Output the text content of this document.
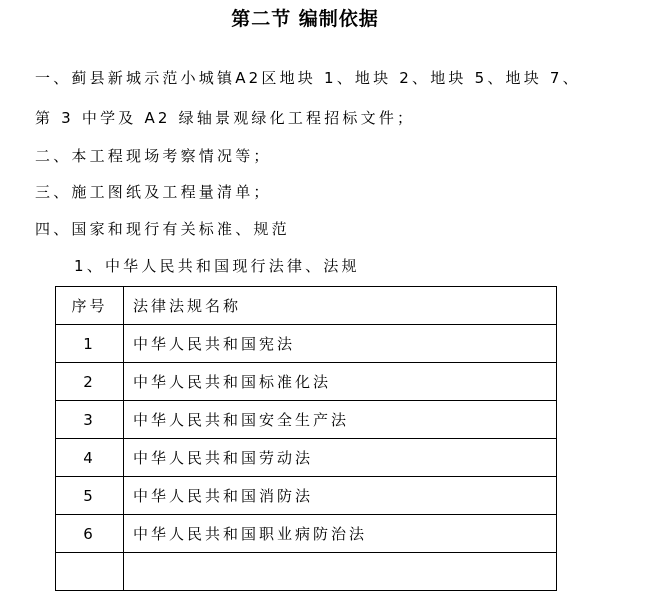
第二节 编制依据
一、蓟县新城示范小城镇A2区地块 1、地块 2、地块 5、地块 7、
第 3 中学及 A2 绿轴景观绿化工程招标文件；
二、本工程现场考察情况等；
三、施工图纸及工程量清单；
四、国家和现行有关标准、规范
1、中华人民共和国现行法律、法规
序号	法律法规名称
1	中华人民共和国宪法
2	中华人民共和国标准化法
3	中华人民共和国安全生产法
4	中华人民共和国劳动法
5	中华人民共和国消防法
6	中华人民共和国职业病防治法
